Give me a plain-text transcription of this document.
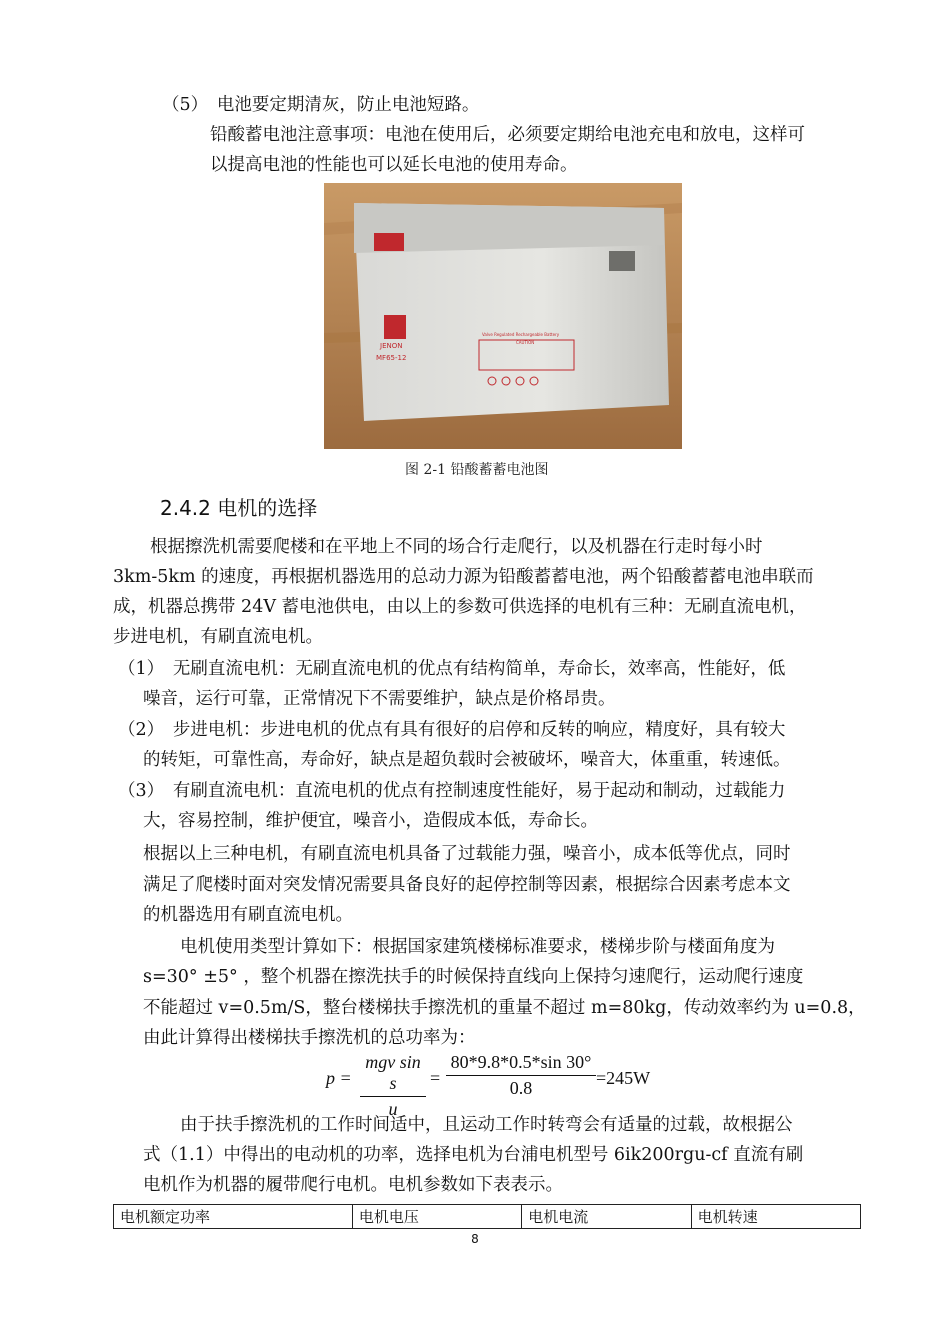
（5）　电池要定期清灰，防止电池短路。
铅酸蓄电池注意事项：电池在使用后，必须要定期给电池充电和放电，这样可
以提高电池的性能也可以延长电池的使用寿命。
JENON
MF65-12
Valve Regulated Rechargeable Battery
CAUTION
图 2-1 铅酸蓄蓄电池图
2.4.2 电机的选择
根据擦洗机需要爬楼和在平地上不同的场合行走爬行，以及机器在行走时每小时
3km-5km 的速度，再根据机器选用的总动力源为铅酸蓄蓄电池，两个铅酸蓄蓄电池串联而
成，机器总携带 24V 蓄电池供电，由以上的参数可供选择的电机有三种：无刷直流电机，
步进电机，有刷直流电机。
（1）　无刷直流电机：无刷直流电机的优点有结构简单，寿命长，效率高，性能好，低
噪音，运行可靠，正常情况下不需要维护，缺点是价格昂贵。
（2）　步进电机：步进电机的优点有具有很好的启停和反转的响应，精度好，具有较大
的转矩，可靠性高，寿命好，缺点是超负载时会被破坏，噪音大，体重重，转速低。
（3）　有刷直流电机：直流电机的优点有控制速度性能好，易于起动和制动，过载能力
大，容易控制，维护便宜，噪音小，造假成本低，寿命长。
根据以上三种电机，有刷直流电机具备了过载能力强，噪音小，成本低等优点，同时
满足了爬楼时面对突发情况需要具备良好的起停控制等因素，根据综合因素考虑本文
的机器选用有刷直流电机。
电机使用类型计算如下：根据国家建筑楼梯标准要求，楼梯步阶与楼面角度为
s=30° ±5° ，整个机器在擦洗扶手的时候保持直线向上保持匀速爬行，运动爬行速度
不能超过 v=0.5m/S，整台楼梯扶手擦洗机的重量不超过 m=80kg，传动效率约为 u=0.8，
由此计算得出楼梯扶手擦洗机的总功率为：
p =
mgv sin s
u
=
80*9.8*0.5*sin 30°
0.8	=245W
由于扶手擦洗机的工作时间适中，且运动工作时转弯会有适量的过载，故根据公
式（1.1）中得出的电动机的功率，选择电机为台浦电机型号 6ik200rgu-cf 直流有刷
电机作为机器的履带爬行电机。电机参数如下表表示。
电机额定功率	电机电压	电机电流	电机转速
8
